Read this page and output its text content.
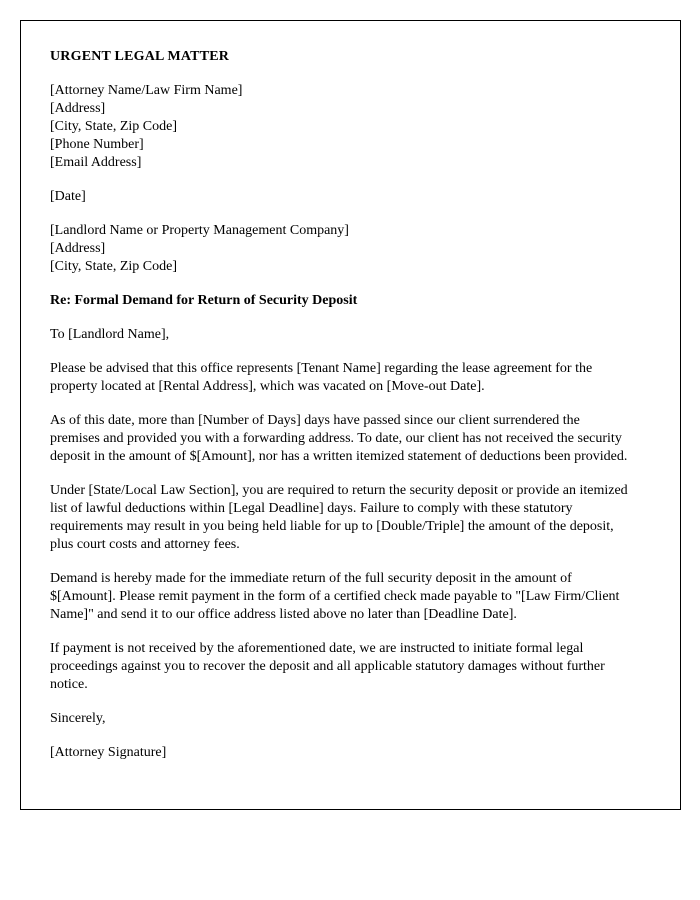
URGENT LEGAL MATTER

[Attorney Name/Law Firm Name]

[Address]

[City, State, Zip Code]

[Phone Number]

[Email Address]

[Date]

[Landlord Name or Property Management Company]

[Address]

[City, State, Zip Code]

Re: Formal Demand for Return of Security Deposit

To [Landlord Name],

Please be advised that this office represents [Tenant Name] regarding the lease agreement for the property located at [Rental Address], which was vacated on [Move-out Date].

As of this date, more than [Number of Days] days have passed since our client surrendered the premises and provided you with a forwarding address. To date, our client has not received the security deposit in the amount of $[Amount], nor has a written itemized statement of deductions been provided.

Under [State/Local Law Section], you are required to return the security deposit or provide an itemized list of lawful deductions within [Legal Deadline] days. Failure to comply with these statutory requirements may result in you being held liable for up to [Double/Triple] the amount of the deposit, plus court costs and attorney fees.

Demand is hereby made for the immediate return of the full security deposit in the amount of $[Amount]. Please remit payment in the form of a certified check made payable to "[Law Firm/Client Name]" and send it to our office address listed above no later than [Deadline Date].

If payment is not received by the aforementioned date, we are instructed to initiate formal legal proceedings against you to recover the deposit and all applicable statutory damages without further notice.

Sincerely,

[Attorney Signature]
